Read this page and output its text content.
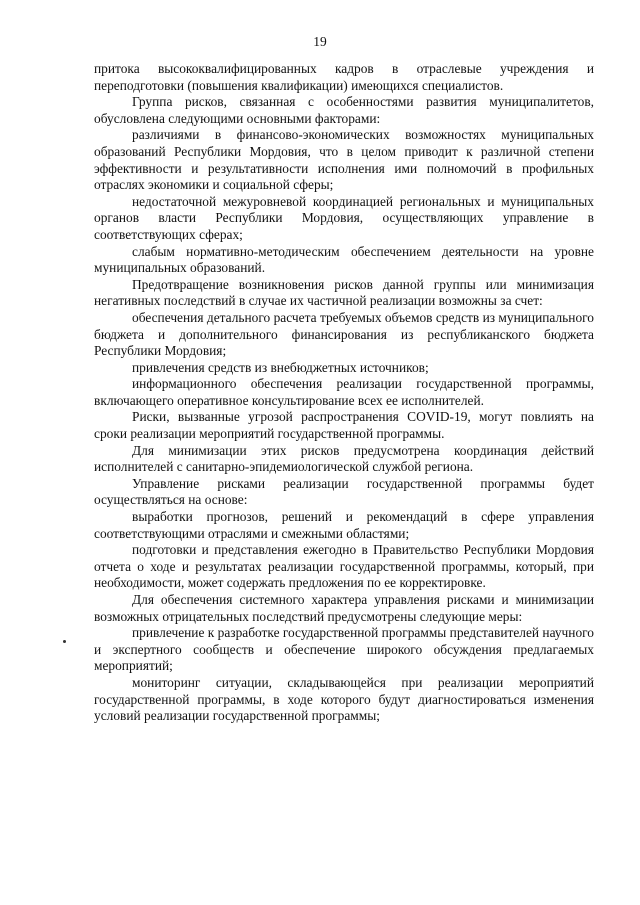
19

притока высококвалифицированных кадров в отраслевые учреждения и переподготовки (повышения квалификации) имеющихся специалистов.

Группа рисков, связанная с особенностями развития муниципалитетов, обусловлена следующими основными факторами:

различиями в финансово-экономических возможностях муниципальных образований Республики Мордовия, что в целом приводит к различной степени эффективности и результативности исполнения ими полномочий в профильных отраслях экономики и социальной сферы;

недостаточной межуровневой координацией региональных и муниципальных органов власти Республики Мордовия, осуществляющих управление в соответствующих сферах;

слабым нормативно-методическим обеспечением деятельности на уровне муниципальных образований.

Предотвращение возникновения рисков данной группы или минимизация негативных последствий в случае их частичной реализации возможны за счет:

обеспечения детального расчета требуемых объемов средств из муниципального бюджета и дополнительного финансирования из республиканского бюджета Республики Мордовия;

привлечения средств из внебюджетных источников;

информационного обеспечения реализации государственной программы, включающего оперативное консультирование всех ее исполнителей.

Риски, вызванные угрозой распространения COVID-19, могут повлиять на сроки реализации мероприятий государственной программы.

Для минимизации этих рисков предусмотрена координация действий исполнителей с санитарно-эпидемиологической службой региона.

Управление рисками реализации государственной программы будет осуществляться на основе:

выработки прогнозов, решений и рекомендаций в сфере управления соответствующими отраслями и смежными областями;

подготовки и представления ежегодно в Правительство Республики Мордовия отчета о ходе и результатах реализации государственной программы, который, при необходимости, может содержать предложения по ее корректировке.

Для обеспечения системного характера управления рисками и минимизации возможных отрицательных последствий предусмотрены следующие меры:

привлечение к разработке государственной программы представителей научного и экспертного сообществ и обеспечение широкого обсуждения предлагаемых мероприятий;

мониторинг ситуации, складывающейся при реализации мероприятий государственной программы, в ходе которого будут диагностироваться изменения условий реализации государственной программы;
